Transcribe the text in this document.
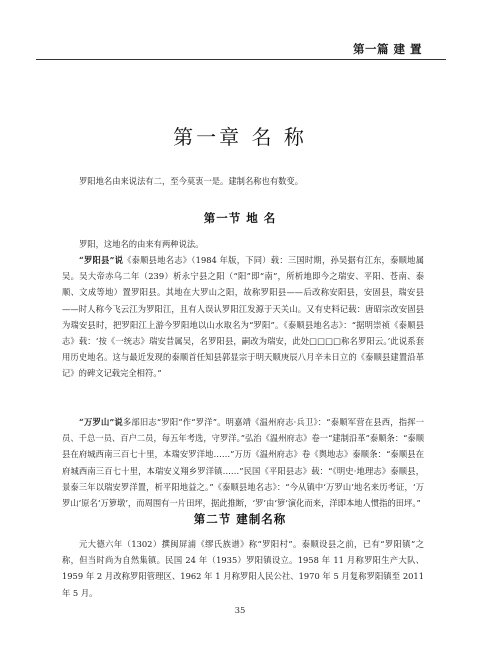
第一篇 建 置
第一章 名 称

罗阳地名由来说法有二，至今莫衷一是。建制名称也有数变。

第一节 地 名

罗阳，这地名的由来有两种说法。

“罗阳县”说《泰顺县地名志》（1984 年版，下同）载：三国时期，孙吴据有江东，泰顺地属吴。吴大帝赤乌二年（239）析永宁县之阳（“阳”即“南”，所析地即今之瑞安、平阳、苍南、泰顺、文成等地）置罗阳县。其地在大罗山之阳，故称罗阳县——后改称安阳县，安固县，瑞安县——时人称今飞云江为罗阳江，且有人误认罗阳江发源于天关山。又有史料记载：唐昭宗改安固县为瑞安县时，把罗阳江上游今罗阳地以山水取名为“罗阳”。《泰顺县地名志》：“据明崇祯《泰顺县志》载：‘按《一统志》瑞安昔属吴，名罗阳县，嗣改为瑞安，此处□□□□称名罗阳云。’此说系套用历史地名。这与最近发现的泰顺首任知县郭显宗于明天顺庚辰八月辛未日立的《泰顺县建置沿革记》的碑文记载完全相符。”

“万罗山”说多部旧志“罗阳”作“罗洋”。明嘉靖《温州府志·兵卫》：“泰顺军营在县西，指挥一员、千总一员、百户二员，每五年考选，守罗洋。”弘治《温州府志》卷一“建制沿革”泰顺条：“泰顺县在府城西南三百七十里，本瑞安罗洋地……”万历《温州府志》卷《舆地志》泰顺条：“泰顺县在府城西南三百七十里，本瑞安义翔乡罗洋镇……”民国《平阳县志》载：“《明史·地理志》泰顺县，景泰三年以瑞安罗洋置，析平阳地益之。”《泰顺县地名志》：“今从镇中‘万罗山’地名来历考证，‘万罗山’原名‘万箩墩’，而周围有一片田坪，据此推断，‘罗’由‘箩’演化而来，洋即本地人惯指的田坪。”

第二节 建制名称

元大德六年（1302）撰闽屏浦《缪氏族谱》称“罗阳村”。泰顺设县之前，已有“罗阳镇”之称，但当时尚为自然集镇。民国 24 年（1935）罗阳镇设立。1958 年 11 月称罗阳生产大队、1959 年 2 月改称罗阳管理区、1962 年 1 月称罗阳人民公社、1970 年 5 月复称罗阳镇至 2011 年 5 月。

35
